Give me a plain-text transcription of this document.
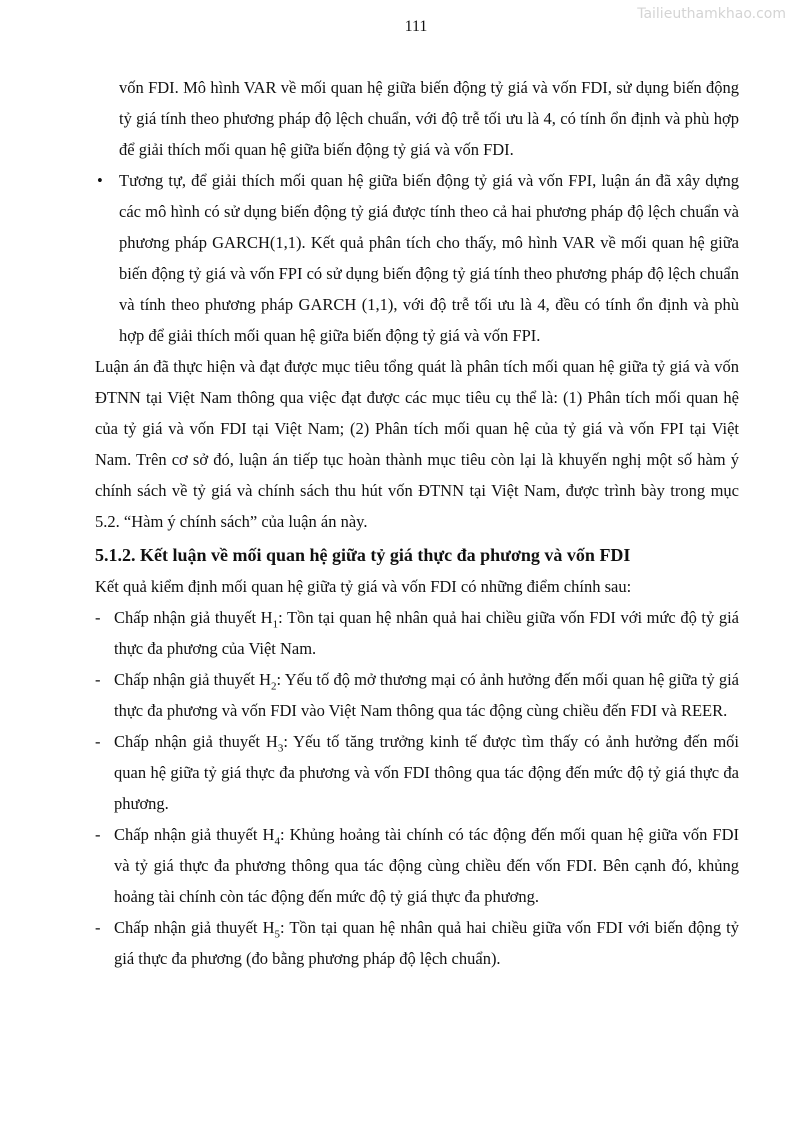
Tailieuthamkhao.com
111

vốn FDI. Mô hình VAR về mối quan hệ giữa biến động tỷ giá và vốn FDI, sử dụng biến động tỷ giá tính theo phương pháp độ lệch chuẩn, với độ trễ tối ưu là 4, có tính ổn định và phù hợp để giải thích mối quan hệ giữa biến động tỷ giá và vốn FDI.

• Tương tự, để giải thích mối quan hệ giữa biến động tỷ giá và vốn FPI, luận án đã xây dựng các mô hình có sử dụng biến động tỷ giá được tính theo cả hai phương pháp độ lệch chuẩn và phương pháp GARCH(1,1). Kết quả phân tích cho thấy, mô hình VAR về mối quan hệ giữa biến động tỷ giá và vốn FPI có sử dụng biến động tỷ giá tính theo phương pháp độ lệch chuẩn và tính theo phương pháp GARCH (1,1), với độ trễ tối ưu là 4, đều có tính ổn định và phù hợp để giải thích mối quan hệ giữa biến động tỷ giá và vốn FPI.

Luận án đã thực hiện và đạt được mục tiêu tổng quát là phân tích mối quan hệ giữa tỷ giá và vốn ĐTNN tại Việt Nam thông qua việc đạt được các mục tiêu cụ thể là: (1) Phân tích mối quan hệ của tỷ giá và vốn FDI tại Việt Nam; (2) Phân tích mối quan hệ của tỷ giá và vốn FPI tại Việt Nam. Trên cơ sở đó, luận án tiếp tục hoàn thành mục tiêu còn lại là khuyến nghị một số hàm ý chính sách về tỷ giá và chính sách thu hút vốn ĐTNN tại Việt Nam, được trình bày trong mục 5.2. “Hàm ý chính sách” của luận án này.

5.1.2. Kết luận về mối quan hệ giữa tỷ giá thực đa phương và vốn FDI

Kết quả kiểm định mối quan hệ giữa tỷ giá và vốn FDI có những điểm chính sau:

- Chấp nhận giả thuyết $H_1$: Tồn tại quan hệ nhân quả hai chiều giữa vốn FDI với mức độ tỷ giá thực đa phương của Việt Nam.
- Chấp nhận giả thuyết $H_2$: Yếu tố độ mở thương mại có ảnh hưởng đến mối quan hệ giữa tỷ giá thực đa phương và vốn FDI vào Việt Nam thông qua tác động cùng chiều đến FDI và REER.
- Chấp nhận giả thuyết $H_3$: Yếu tố tăng trưởng kinh tế được tìm thấy có ảnh hưởng đến mối quan hệ giữa tỷ giá thực đa phương và vốn FDI thông qua tác động đến mức độ tỷ giá thực đa phương.
- Chấp nhận giả thuyết $H_4$: Khủng hoảng tài chính có tác động đến mối quan hệ giữa vốn FDI và tỷ giá thực đa phương thông qua tác động cùng chiều đến vốn FDI. Bên cạnh đó, khủng hoảng tài chính còn tác động đến mức độ tỷ giá thực đa phương.
- Chấp nhận giả thuyết $H_5$: Tồn tại quan hệ nhân quả hai chiều giữa vốn FDI với biến động tỷ giá thực đa phương (đo bằng phương pháp độ lệch chuẩn).
